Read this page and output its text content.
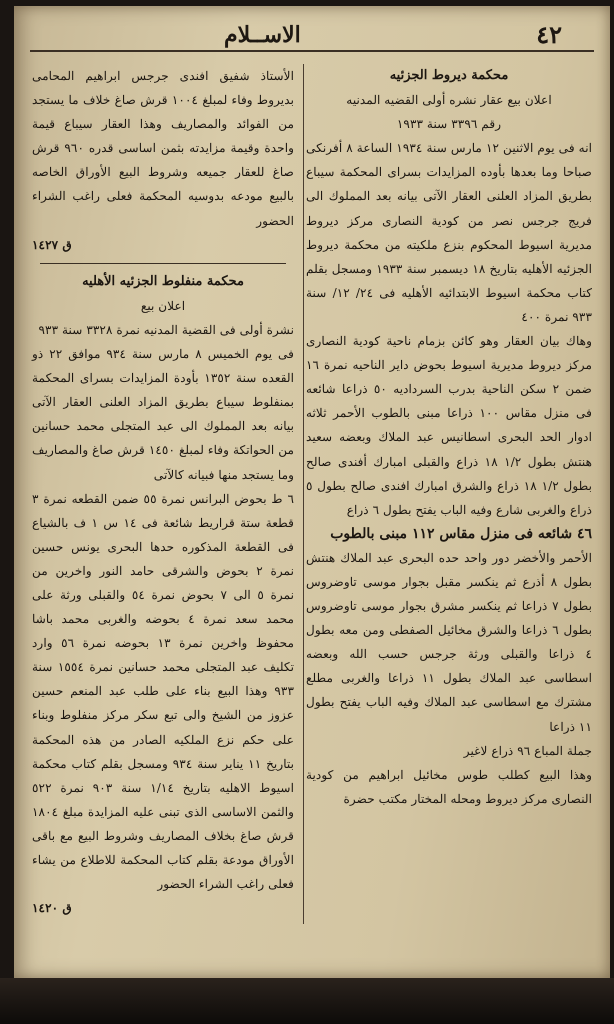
٤٢
الاســلام
محكمة ديروط الجزئيه
اعلان بيع عقار نشره أولى القضيه المدنيه
رقم ٣٣٩٦ سنة ١٩٣٣

انه فى يوم الاثنين ١٢ مارس سنة ١٩٣٤ الساعة ٨ أفرنكى صباحا وما بعدها بأوده المزايدات بسراى المحكمة سيباع بطريق المزاد العلنى العقار الآتى بيانه بعد المملوك الى فريج جرجس نصر من كودية النصارى مركز ديروط مديرية اسيوط المحكوم بنزع ملكيته من محكمة ديروط الجزئيه الأهليه بتاريخ ١٨ ديسمبر سنة ١٩٣٣ ومسجل بقلم كتاب محكمة اسيوط الابتدائيه الأهليه فى ٢٤/ ١٢/ سنة ٩٣٣ نمرة ٤٠٠

وهاك بيان العقار وهو كائن بزمام ناحية كودية النصارى مركز ديروط مديرية اسيوط بحوض داير الناحيه نمرة ١٦ ضمن ٢ سكن الناحية بدرب السرداديه ٥٠ ذراعا شائعه فى منزل مقاس ١٠٠ ذراعا مبنى بالطوب الأحمر ثلاثه ادوار الحد البحرى اسطانيس عبد الملاك وبعضه سعيد هنتش بطول ١/٢ ١٨ ذراع والقبلى امبارك أفندى صالح بطول ١/٢ ١٨ ذراع والشرق امبارك افندى صالح بطول ٥ ذراع والغربى شارع وفيه الباب يفتح بطول ٦ ذراع

٤٦ شائعه فى منزل مقاس ١١٢ مبنى بالطوب

الأحمر والأخضر دور واحد حده البحرى عبد الملاك هنتش بطول ٨ أذرع ثم ينكسر مقبل بجوار موسى تاوضروس بطول ٧ ذراعا ثم ينكسر مشرق بجوار موسى تاوضروس بطول ٦ ذراعا والشرق مخائيل الصفطى ومن معه بطول ٤ ذراعا والقبلى ورثة جرجس حسب الله وبعضه اسطاسى عبد الملاك بطول ١١ ذراعا والغربى مطلع مشترك مع اسطاسى عبد الملاك وفيه الباب يفتح بطول ١١ ذراعا

جملة المباع ٩٦ ذراع لاغير

وهذا البيع كطلب طوس مخائيل ابراهيم من كودية النصارى مركز ديروط ومحله المختار مكتب حضرة

الأستاذ شفيق افندى جرجس ابراهيم المحامى بديروط وفاء لمبلغ ١٠٠٤ قرش صاغ خلاف ما يستجد من الفوائد والمصاريف وهذا العقار سيباع قيمة واحدة وقيمة مزايدته بثمن اساسى قدره ٩٦٠ قرش صاغ للعقار جميعه وشروط البيع الأوراق الخاصه بالبيع مودعه بدوسيه المحكمة فعلى راغب الشراء الحضور

ق ١٤٢٧
محكمة منفلوط الجزئيه الأهليه
اعلان بيع
نشرة أولى فى القضية المدنيه نمرة ٣٣٢٨ سنة ٩٣٣

فى يوم الخميس ٨ مارس سنة ٩٣٤ موافق ٢٢ ذو القعده سنة ١٣٥٢ بأودة المزايدات بسراى المحكمة بمنفلوط سيباع بطريق المزاد العلنى العقار الآتى بيانه بعد المملوك الى عبد المتجلى محمد حسانين من الحواتكة وفاء لمبلغ ١٤٥٠ قرش صاغ والمصاريف وما يستجد منها فبيانه كالآتى

٦ ط بحوض البرانس نمرة ٥٥ ضمن القطعه نمرة ٣ قطعة ستة قراريط شائعة فى ١٤ س ١ ف بالشياع فى القطعة المذكوره حدها البحرى يونس حسين نمرة ٢ بحوض والشرقى حامد النور واخرين من نمرة ٥ الى ٧ بحوض نمرة ٥٤ والقبلى ورثة على محمد سعد نمرة ٤ بحوضه والغربى محمد باشا محفوظ واخرين نمرة ١٣ بحوضه نمرة ٥٦ وارد تكليف عبد المتجلى محمد حسانين نمرة ١٥٥٤ سنة ٩٣٣ وهذا البيع بناء على طلب عبد المنعم حسين عزوز من الشيخ والى تبع سكر مركز منفلوط وبناء على حكم نزع الملكيه الصادر من هذه المحكمة بتاريخ ١١ يناير سنة ٩٣٤ ومسجل بقلم كتاب محكمة اسيوط الاهليه بتاريخ ١/١٤ سنة ٩٠٣ نمرة ٥٢٢ والثمن الاساسى الذى تبنى عليه المزايدة مبلغ ١٨٠٤ قرش صاغ بخلاف المصاريف وشروط البيع مع باقى الأوراق مودعة بقلم كتاب المحكمة للاطلاع من يشاء فعلى راغب الشراء الحضور

ق ١٤٢٠
